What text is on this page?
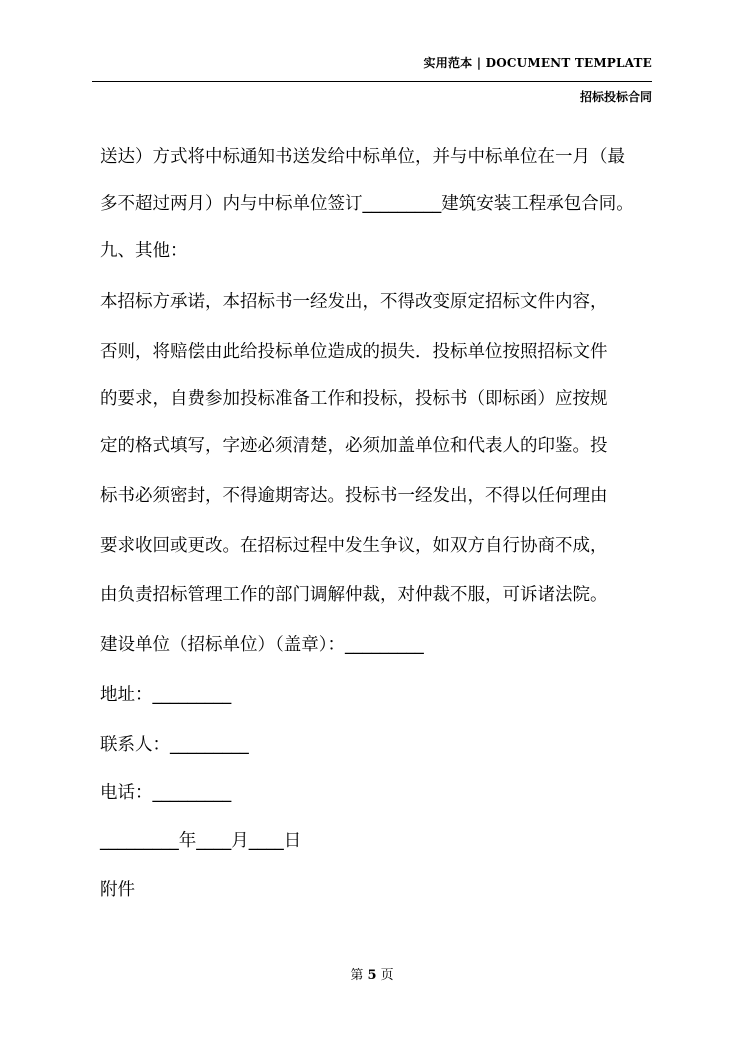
实用范本 | DOCUMENT TEMPLATE
招标投标合同
送达）方式将中标通知书送发给中标单位，并与中标单位在一月（最
多不超过两月）内与中标单位签订_________建筑安装工程承包合同。
九、其他：
本招标方承诺，本招标书一经发出，不得改变原定招标文件内容，
否则，将赔偿由此给投标单位造成的损失．投标单位按照招标文件
的要求，自费参加投标准备工作和投标，投标书（即标函）应按规
定的格式填写，字迹必须清楚，必须加盖单位和代表人的印鉴。投
标书必须密封，不得逾期寄达。投标书一经发出，不得以任何理由
要求收回或更改。在招标过程中发生争议，如双方自行协商不成，
由负责招标管理工作的部门调解仲裁，对仲裁不服，可诉诸法院。
建设单位（招标单位）（盖章）：_________
地址：_________
联系人：_________
电话：_________
_________年____月____日
附件
第 5 页
